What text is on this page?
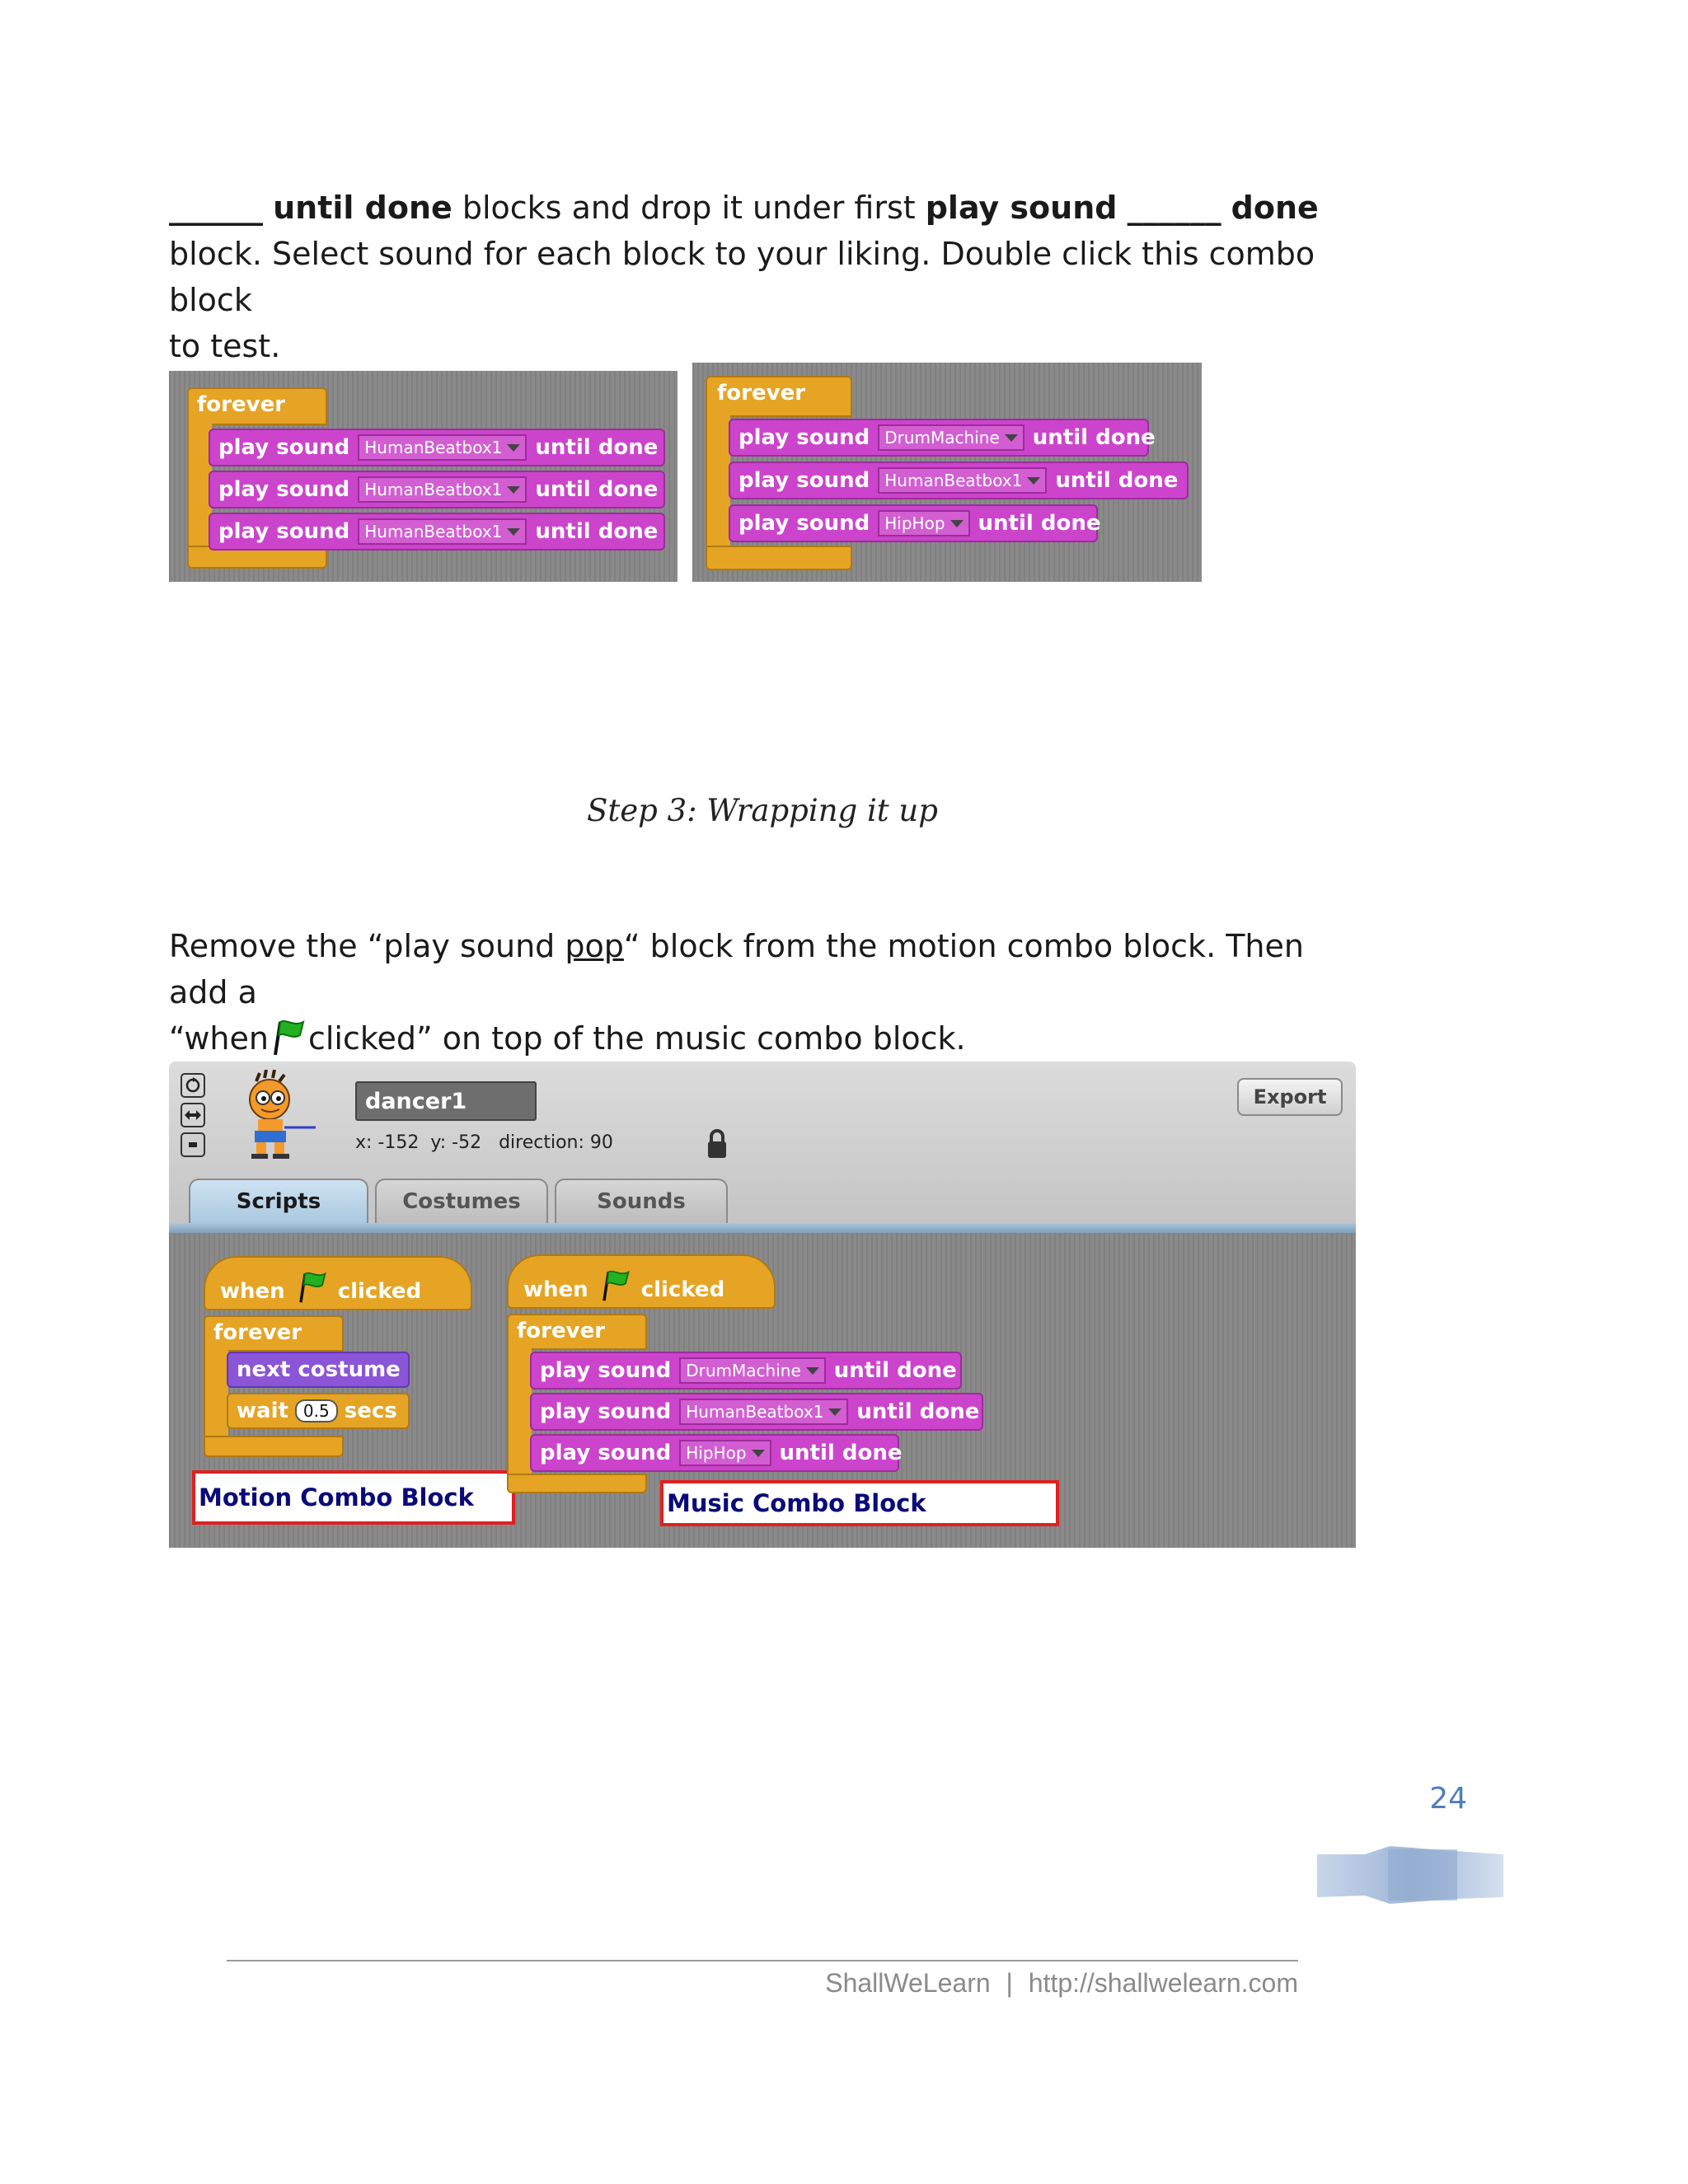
______ until done blocks and drop it under first play sound ______ done
block. Select sound for each block to your liking. Double click this combo block
to test.
forever
play sound HumanBeatbox1 until done
play sound HumanBeatbox1 until done
play sound HumanBeatbox1 until done
forever
play sound DrumMachine until done
play sound HumanBeatbox1 until done
play sound HipHop until done
Step 3: Wrapping it up
Remove the “play sound pop“ block from the motion combo block. Then add a
“when clicked” on top of the music combo block.
dancer1
x: -152  y: -52   direction: 90
Export
Scripts	Costumes	Sounds
when clicked
forever
next costume
wait 0.5 secs
Motion Combo Block
when clicked
forever
play sound DrumMachine until done
play sound HumanBeatbox1 until done
play sound HipHop until done
Music Combo Block
24
ShallWeLearn | http://shallwelearn.com
